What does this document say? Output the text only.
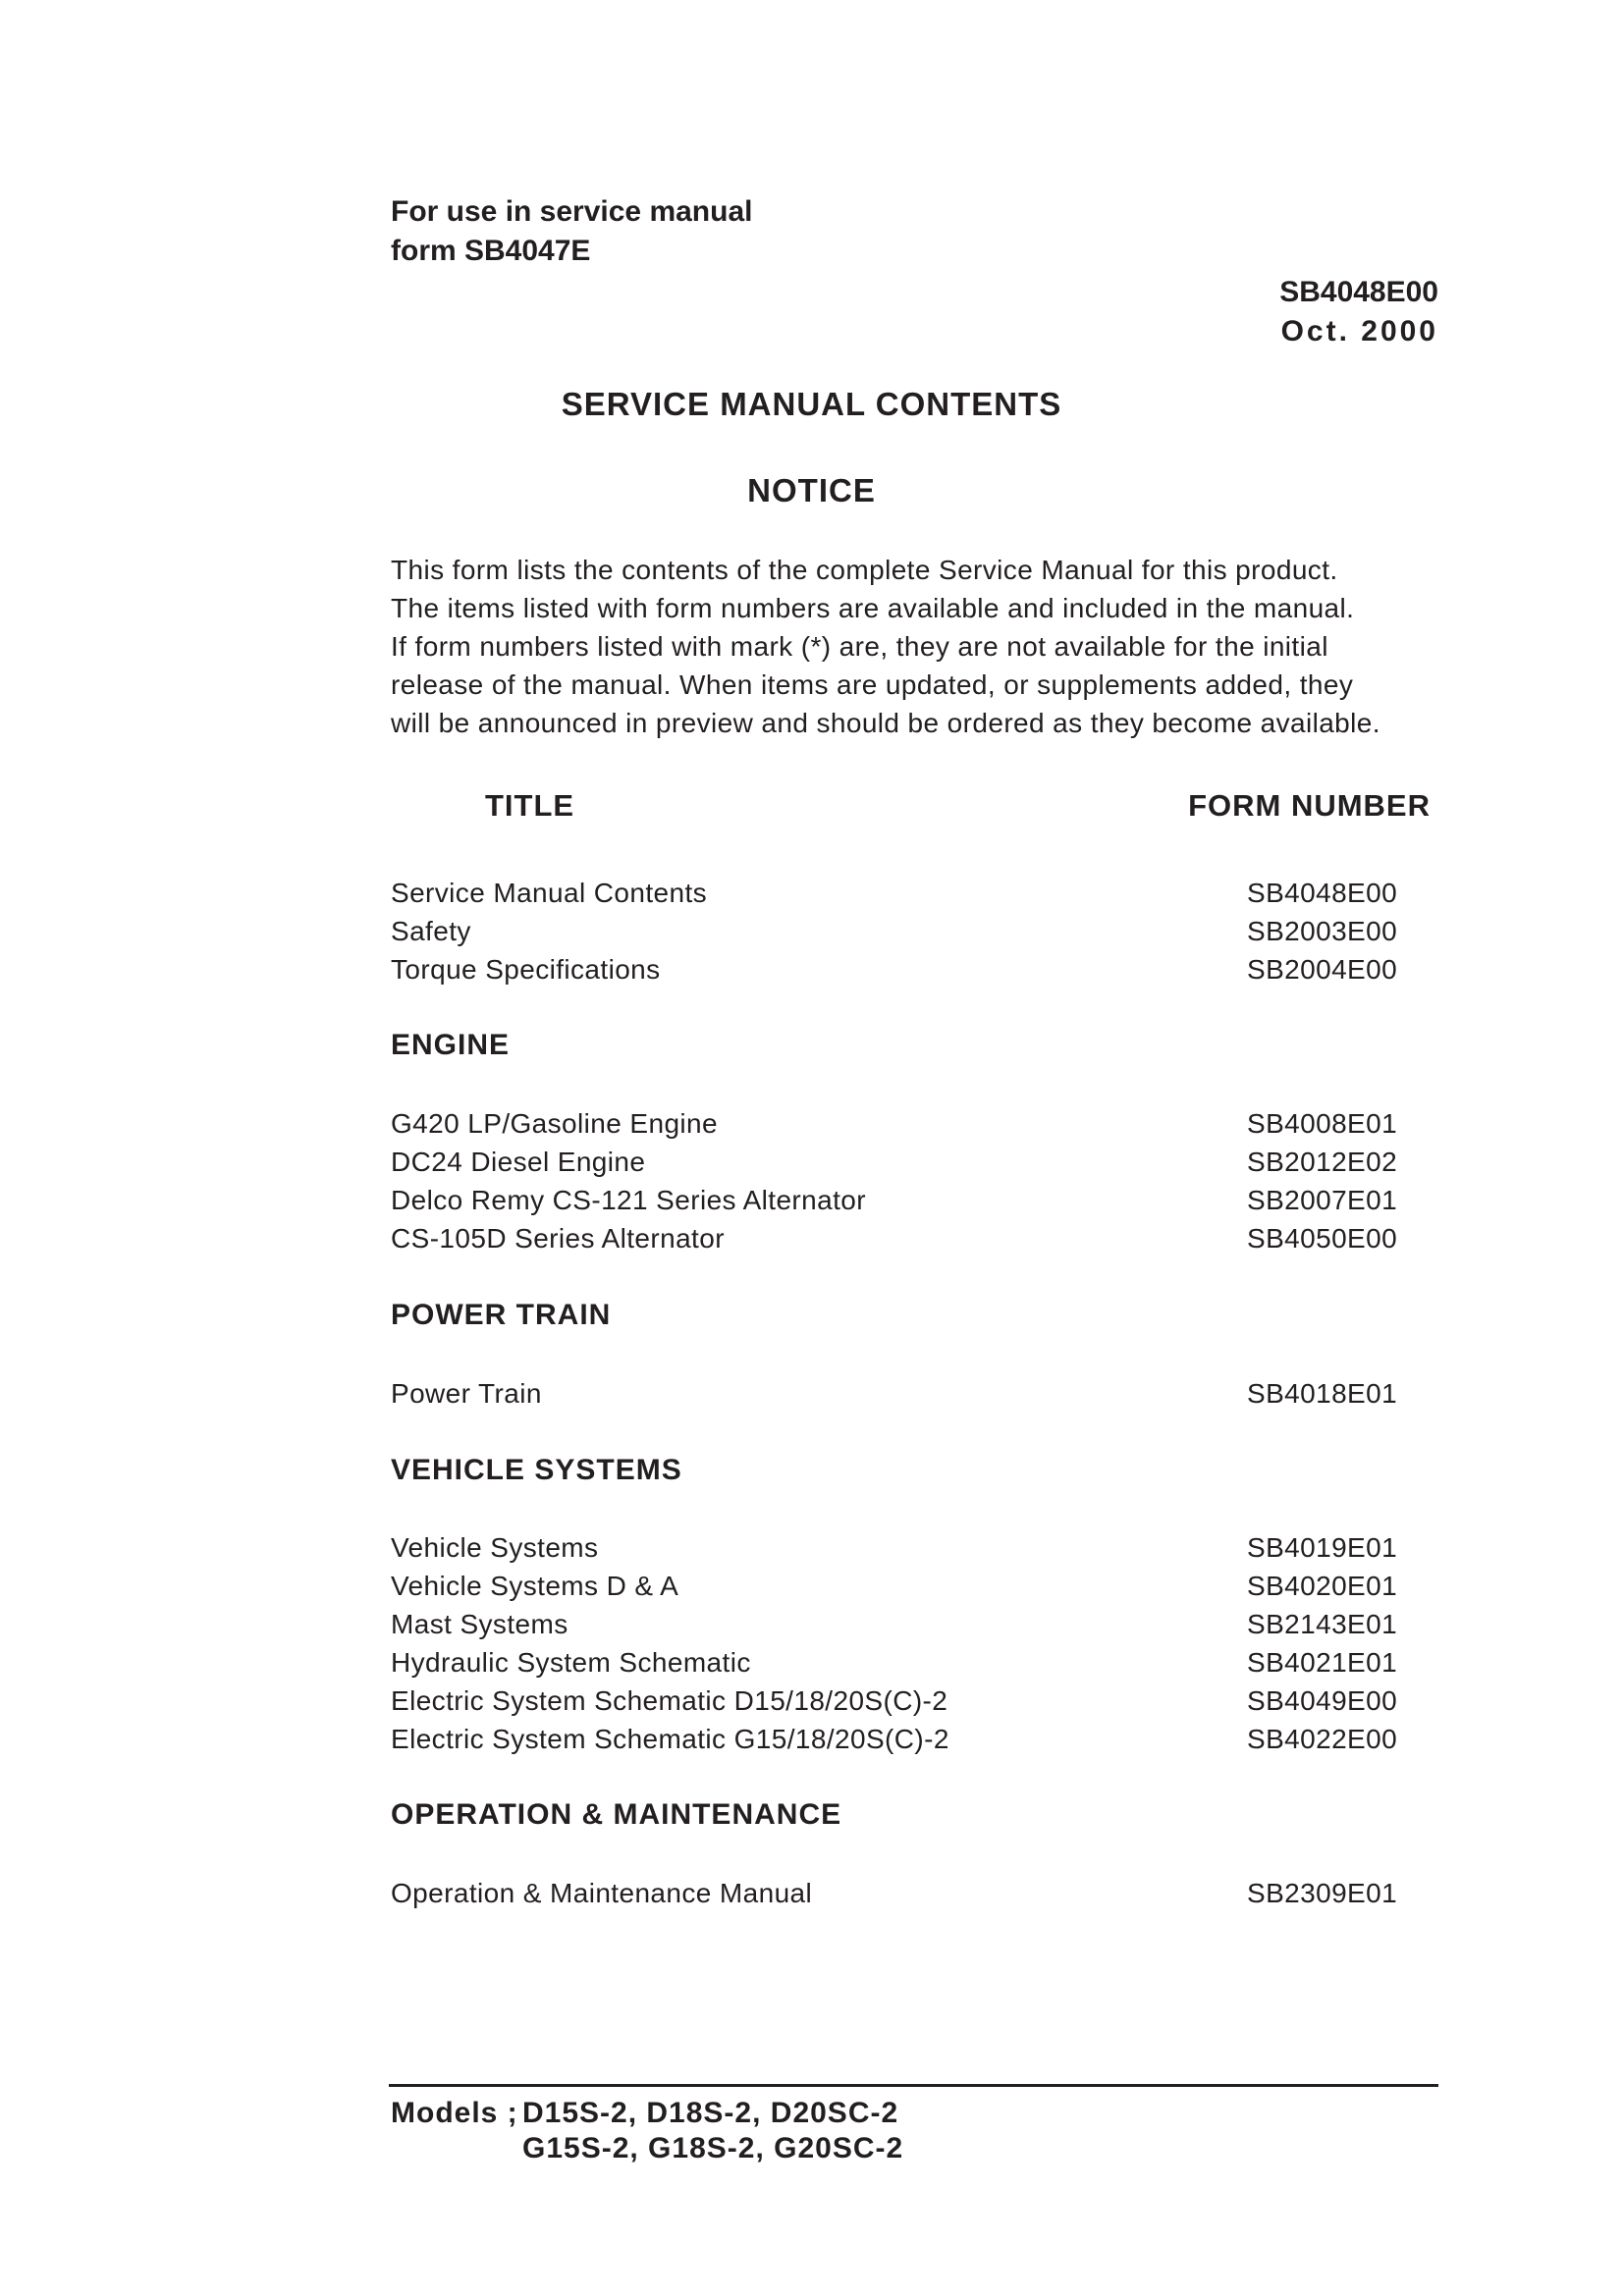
For use in service manual
form SB4047E
SB4048E00
Oct. 2000
SERVICE MANUAL CONTENTS
NOTICE
This form lists the contents of the complete Service Manual for this product.
The items listed with form numbers are available and included in the manual.
If form numbers listed with mark (*) are, they are not available for the initial
release of the manual. When items are updated, or supplements added, they
will be announced in preview and should be ordered as they become available.
TITLE	FORM NUMBER
Service Manual Contents	SB4048E00
Safety	SB2003E00
Torque Specifications	SB2004E00
ENGINE
G420 LP/Gasoline Engine	SB4008E01
DC24 Diesel Engine	SB2012E02
Delco Remy CS-121 Series Alternator	SB2007E01
CS-105D Series Alternator	SB4050E00
POWER TRAIN
Power Train	SB4018E01
VEHICLE SYSTEMS
Vehicle Systems	SB4019E01
Vehicle Systems D & A	SB4020E01
Mast Systems	SB2143E01
Hydraulic System Schematic	SB4021E01
Electric System Schematic D15/18/20S(C)-2	SB4049E00
Electric System Schematic G15/18/20S(C)-2	SB4022E00
OPERATION & MAINTENANCE
Operation & Maintenance Manual	SB2309E01
Models ; D15S-2, D18S-2, D20SC-2
G15S-2, G18S-2, G20SC-2
